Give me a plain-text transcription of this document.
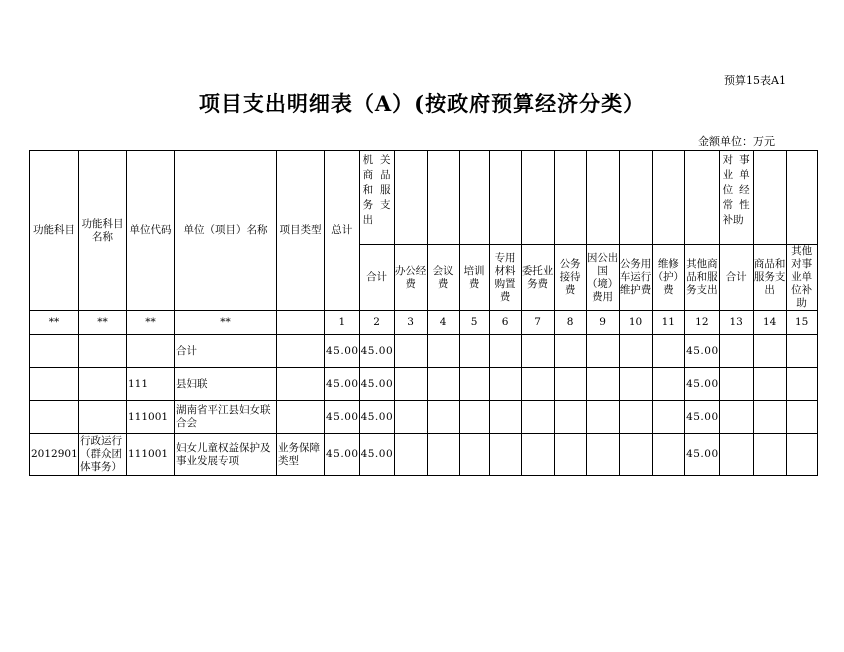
预算15表A1
项目支出明细表（A）(按政府预算经济分类）
金额单位：万元
功能科目	功能科目名称	单位代码	单位（项目）名称	项目类型	总计	机关商品和服务支出											对事业单位经常性补助		
						合计	办公经费	会议费	培训费	专用材料购置费	委托业务费	公务接待费	因公出国（境）费用	公务用车运行维护费	维修（护）费	其他商品和服务支出	合计	商品和服务支出	其他对事业单位补助
**	**	**	**		1	2	3	4	5	6	7	8	9	10	11	12	13	14	15
			合计		45.00	45.00										45.00			
		111	县妇联		45.00	45.00										45.00			
		111001	湖南省平江县妇女联合会		45.00	45.00										45.00			
2012901	行政运行（群众团体事务）	111001	妇女儿童权益保护及事业发展专项	业务保障类型	45.00	45.00										45.00			
